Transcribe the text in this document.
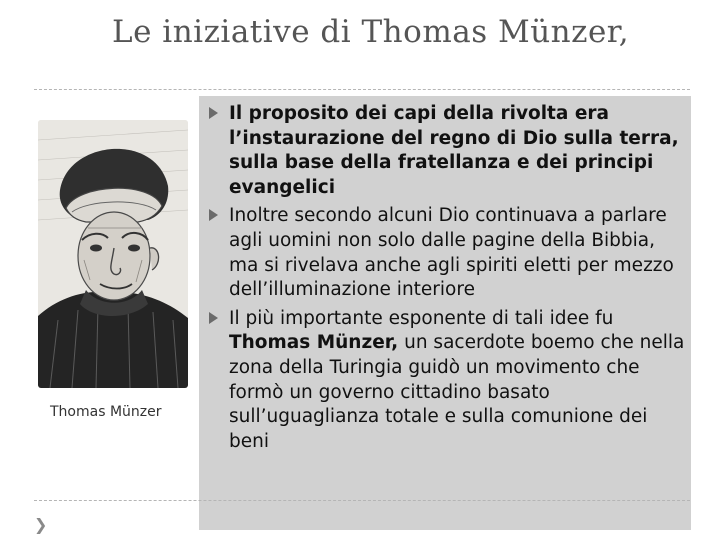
Le iniziative di Thomas Münzer,
Thomas Münzer
Il proposito dei capi della rivolta era l’instaurazione del regno di Dio sulla terra, sulla base della fratellanza e dei principi evangelici
Inoltre secondo alcuni Dio continuava a parlare agli uomini non solo dalle pagine della Bibbia, ma si rivelava anche agli spiriti eletti per mezzo dell’illuminazione interiore
Il più importante esponente di tali idee fu Thomas Münzer, un sacerdote boemo che nella zona della Turingia guidò un movimento che formò un governo cittadino basato sull’uguaglianza totale e sulla comunione dei beni
❯
